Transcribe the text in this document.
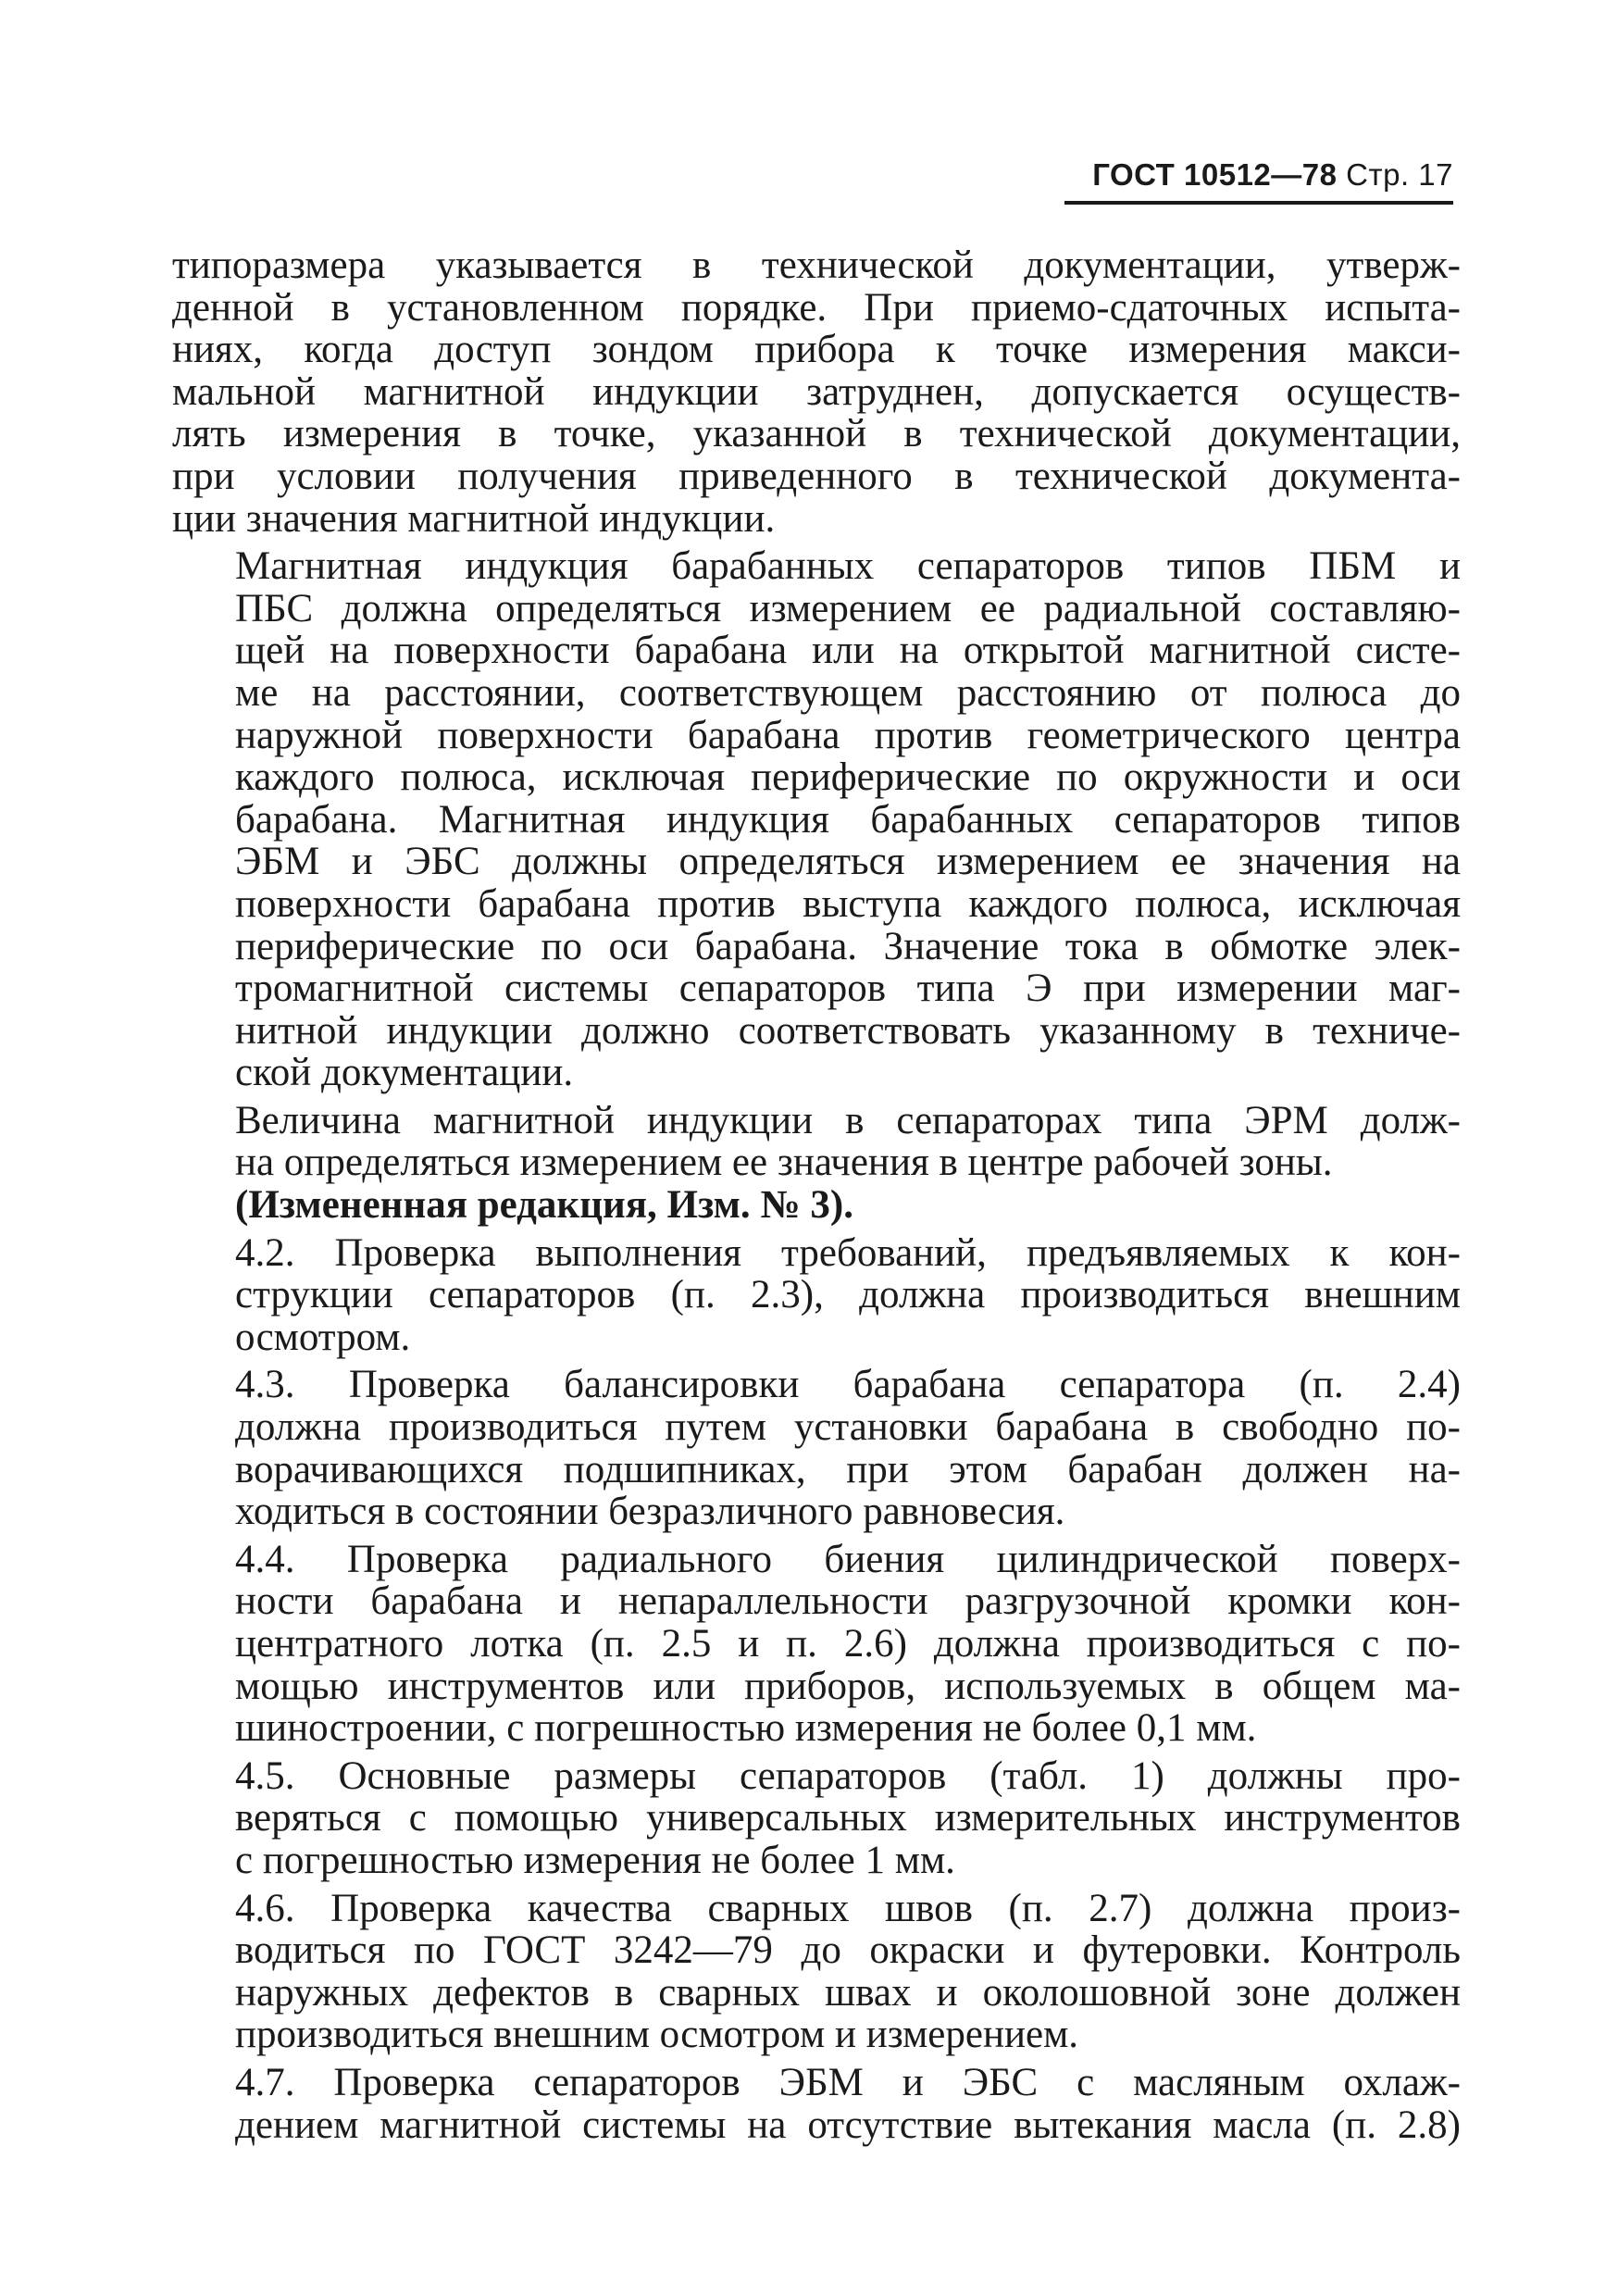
ГОСТ 10512—78 Стр. 17

типоразмера указывается в технической документации, утверж-
денной в установленном порядке. При приемо-сдаточных испыта-
ниях, когда доступ зондом прибора к точке измерения макси-
мальной магнитной индукции затруднен, допускается осуществ-
лять измерения в точке, указанной в технической документации,
при условии получения приведенного в технической документа-
ции значения магнитной индукции.

Магнитная индукция барабанных сепараторов типов ПБМ и
ПБС должна определяться измерением ее радиальной составляю-
щей на поверхности барабана или на открытой магнитной систе-
ме на расстоянии, соответствующем расстоянию от полюса до
наружной поверхности барабана против геометрического центра
каждого полюса, исключая периферические по окружности и оси
барабана. Магнитная индукция барабанных сепараторов типов
ЭБМ и ЭБС должны определяться измерением ее значения на
поверхности барабана против выступа каждого полюса, исключая
периферические по оси барабана. Значение тока в обмотке элек-
тромагнитной системы сепараторов типа Э при измерении маг-
нитной индукции должно соответствовать указанному в техниче-
ской документации.

Величина магнитной индукции в сепараторах типа ЭРМ долж-
на определяться измерением ее значения в центре рабочей зоны.
(Измененная редакция, Изм. № 3).

4.2. Проверка выполнения требований, предъявляемых к кон-
струкции сепараторов (п. 2.3), должна производиться внешним
осмотром.

4.3. Проверка балансировки барабана сепаратора (п. 2.4)
должна производиться путем установки барабана в свободно по-
ворачивающихся подшипниках, при этом барабан должен на-
ходиться в состоянии безразличного равновесия.

4.4. Проверка радиального биения цилиндрической поверх-
ности барабана и непараллельности разгрузочной кромки кон-
центратного лотка (п. 2.5 и п. 2.6) должна производиться с по-
мощью инструментов или приборов, используемых в общем ма-
шиностроении, с погрешностью измерения не более 0,1 мм.

4.5. Основные размеры сепараторов (табл. 1) должны про-
веряться с помощью универсальных измерительных инструментов
с погрешностью измерения не более 1 мм.

4.6. Проверка качества сварных швов (п. 2.7) должна произ-
водиться по ГОСТ 3242—79 до окраски и футеровки. Контроль
наружных дефектов в сварных швах и околошовной зоне должен
производиться внешним осмотром и измерением.

4.7. Проверка сепараторов ЭБМ и ЭБС с масляным охлаж-
дением магнитной системы на отсутствие вытекания масла (п. 2.8)
